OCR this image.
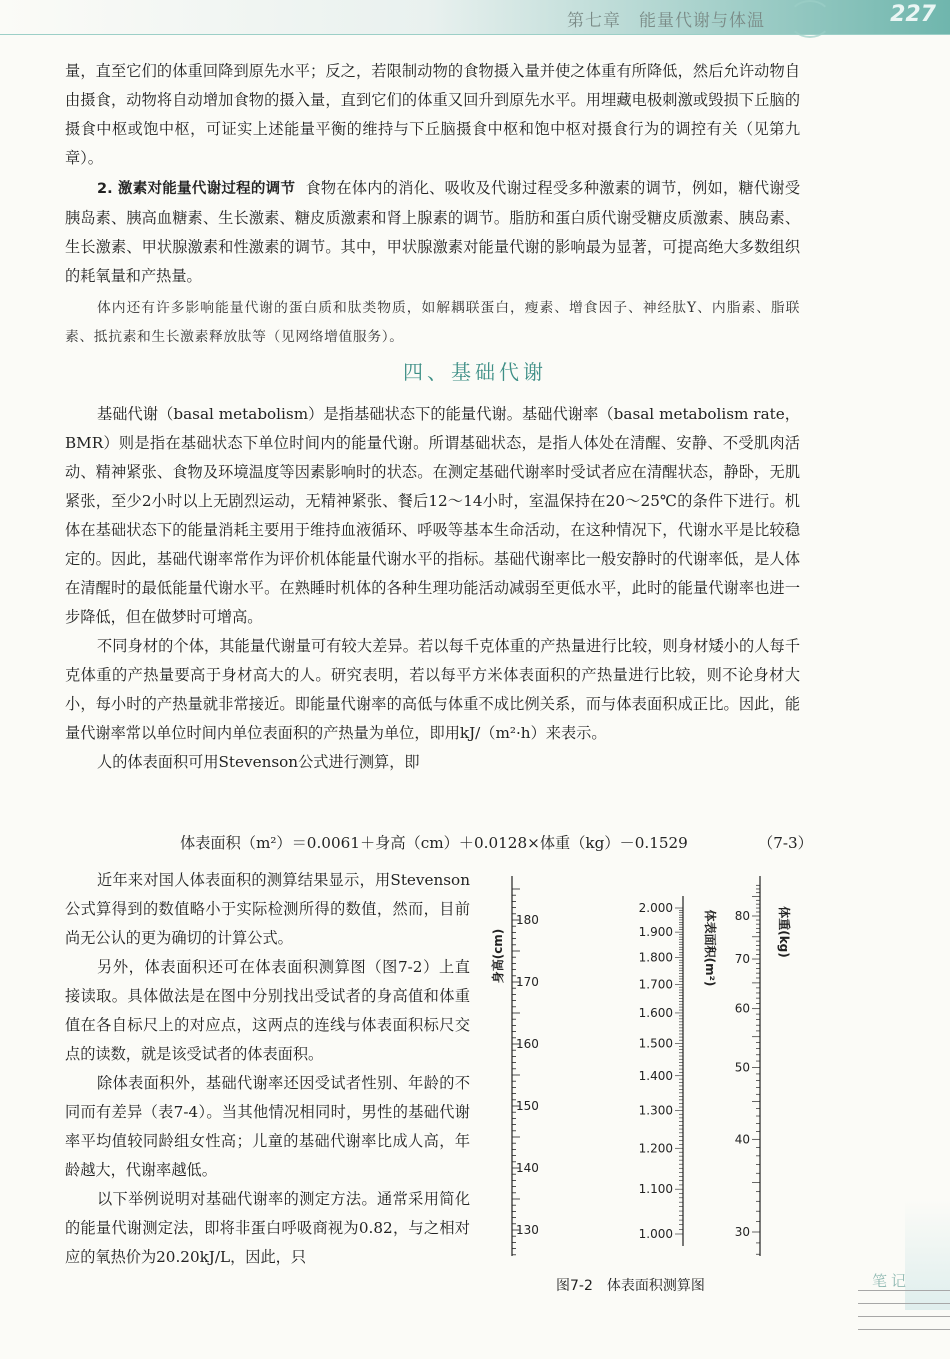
第七章 能量代谢与体温	227

量，直至它们的体重回降到原先水平；反之，若限制动物的食物摄入量并使之体重有所降低，然后允许动物自由摄食，动物将自动增加食物的摄入量，直到它们的体重又回升到原先水平。用埋藏电极刺激或毁损下丘脑的摄食中枢或饱中枢，可证实上述能量平衡的维持与下丘脑摄食中枢和饱中枢对摄食行为的调控有关（见第九章）。

2. 激素对能量代谢过程的调节 食物在体内的消化、吸收及代谢过程受多种激素的调节，例如，糖代谢受胰岛素、胰高血糖素、生长激素、糖皮质激素和肾上腺素的调节。脂肪和蛋白质代谢受糖皮质激素、胰岛素、生长激素、甲状腺激素和性激素的调节。其中，甲状腺激素对能量代谢的影响最为显著，可提高绝大多数组织的耗氧量和产热量。

体内还有许多影响能量代谢的蛋白质和肽类物质，如解耦联蛋白，瘦素、增食因子、神经肽Y、内脂素、脂联素、抵抗素和生长激素释放肽等（见网络增值服务）。

四、基础代谢

基础代谢（basal metabolism）是指基础状态下的能量代谢。基础代谢率（basal metabolism rate，BMR）则是指在基础状态下单位时间内的能量代谢。所谓基础状态，是指人体处在清醒、安静、不受肌肉活动、精神紧张、食物及环境温度等因素影响时的状态。在测定基础代谢率时受试者应在清醒状态，静卧，无肌紧张，至少2小时以上无剧烈运动，无精神紧张、餐后12～14小时，室温保持在20～25℃的条件下进行。机体在基础状态下的能量消耗主要用于维持血液循环、呼吸等基本生命活动，在这种情况下，代谢水平是比较稳定的。因此，基础代谢率常作为评价机体能量代谢水平的指标。基础代谢率比一般安静时的代谢率低，是人体在清醒时的最低能量代谢水平。在熟睡时机体的各种生理功能活动减弱至更低水平，此时的能量代谢率也进一步降低，但在做梦时可增高。

不同身材的个体，其能量代谢量可有较大差异。若以每千克体重的产热量进行比较，则身材矮小的人每千克体重的产热量要高于身材高大的人。研究表明，若以每平方米体表面积的产热量进行比较，则不论身材大小，每小时的产热量就非常接近。即能量代谢率的高低与体重不成比例关系，而与体表面积成正比。因此，能量代谢率常以单位时间内单位表面积的产热量为单位，即用kJ/（m²·h）来表示。

人的体表面积可用Stevenson公式进行测算，即

体表面积（m²）＝0.0061＋身高（cm）＋0.0128×体重（kg）－0.1529	（7-3）

近年来对国人体表面积的测算结果显示，用Stevenson公式算得到的数值略小于实际检测所得的数值，然而，目前尚无公认的更为确切的计算公式。

另外，体表面积还可在体表面积测算图（图7-2）上直接读取。具体做法是在图中分别找出受试者的身高值和体重值在各自标尺上的对应点，这两点的连线与体表面积标尺交点的读数，就是该受试者的体表面积。

除体表面积外，基础代谢率还因受试者性别、年龄的不同而有差异（表7-4）。当其他情况相同时，男性的基础代谢率平均值较同龄组女性高；儿童的基础代谢率比成人高，年龄越大，代谢率越低。

以下举例说明对基础代谢率的测定方法。通常采用简化的能量代谢测定法，即将非蛋白呼吸商视为0.82，与之相对应的氧热价为20.20kJ/L，因此，只

180
170
160
150
140
130
身高(cm)
2.000
1.900
1.800
1.700
1.600
1.500
1.400
1.300
1.200
1.100
1.000
体表面积(m²) 80
70
60
50
40
30
体重(kg)
图7-2　体表面积测算图	笔记
